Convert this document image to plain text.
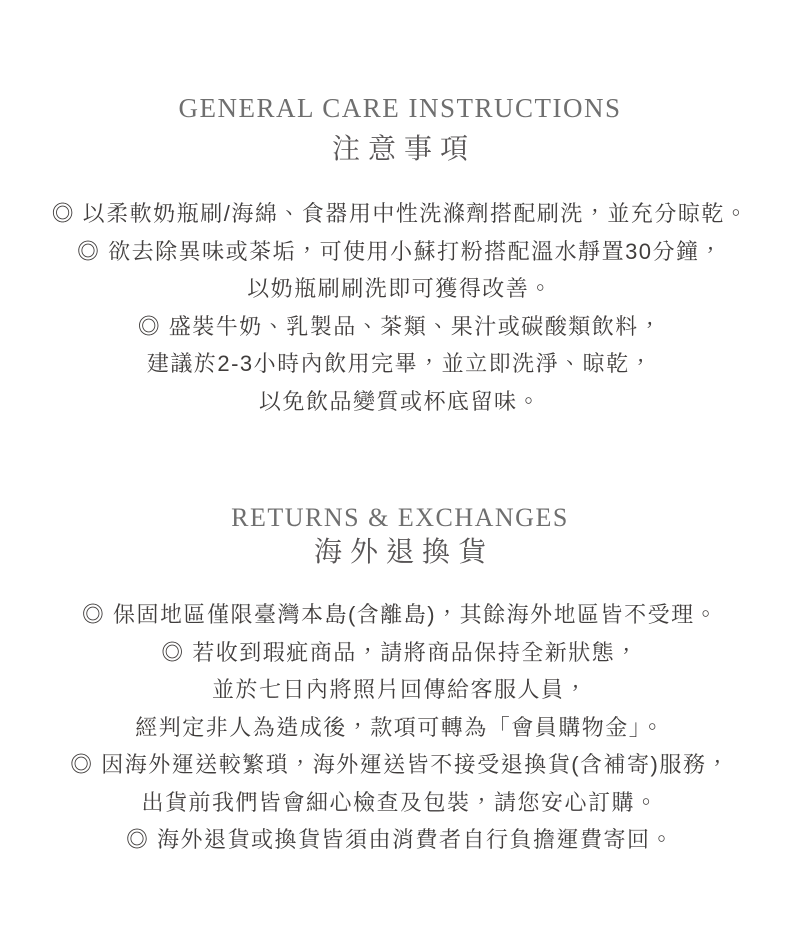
GENERAL CARE INSTRUCTIONS
注意事項
◎ 以柔軟奶瓶刷/海綿、食器用中性洗滌劑搭配刷洗，並充分晾乾。
◎ 欲去除異味或茶垢，可使用小蘇打粉搭配溫水靜置30分鐘，
以奶瓶刷刷洗即可獲得改善。
◎ 盛裝牛奶、乳製品、茶類、果汁或碳酸類飲料，
建議於2-3小時內飲用完畢，並立即洗淨、晾乾，
以免飲品變質或杯底留味。
RETURNS & EXCHANGES
海外退換貨
◎ 保固地區僅限臺灣本島(含離島)，其餘海外地區皆不受理。
◎ 若收到瑕疵商品，請將商品保持全新狀態，
並於七日內將照片回傳給客服人員，
經判定非人為造成後，款項可轉為「會員購物金」。
◎ 因海外運送較繁瑣，海外運送皆不接受退換貨(含補寄)服務，
出貨前我們皆會細心檢查及包裝，請您安心訂購。
◎ 海外退貨或換貨皆須由消費者自行負擔運費寄回。
